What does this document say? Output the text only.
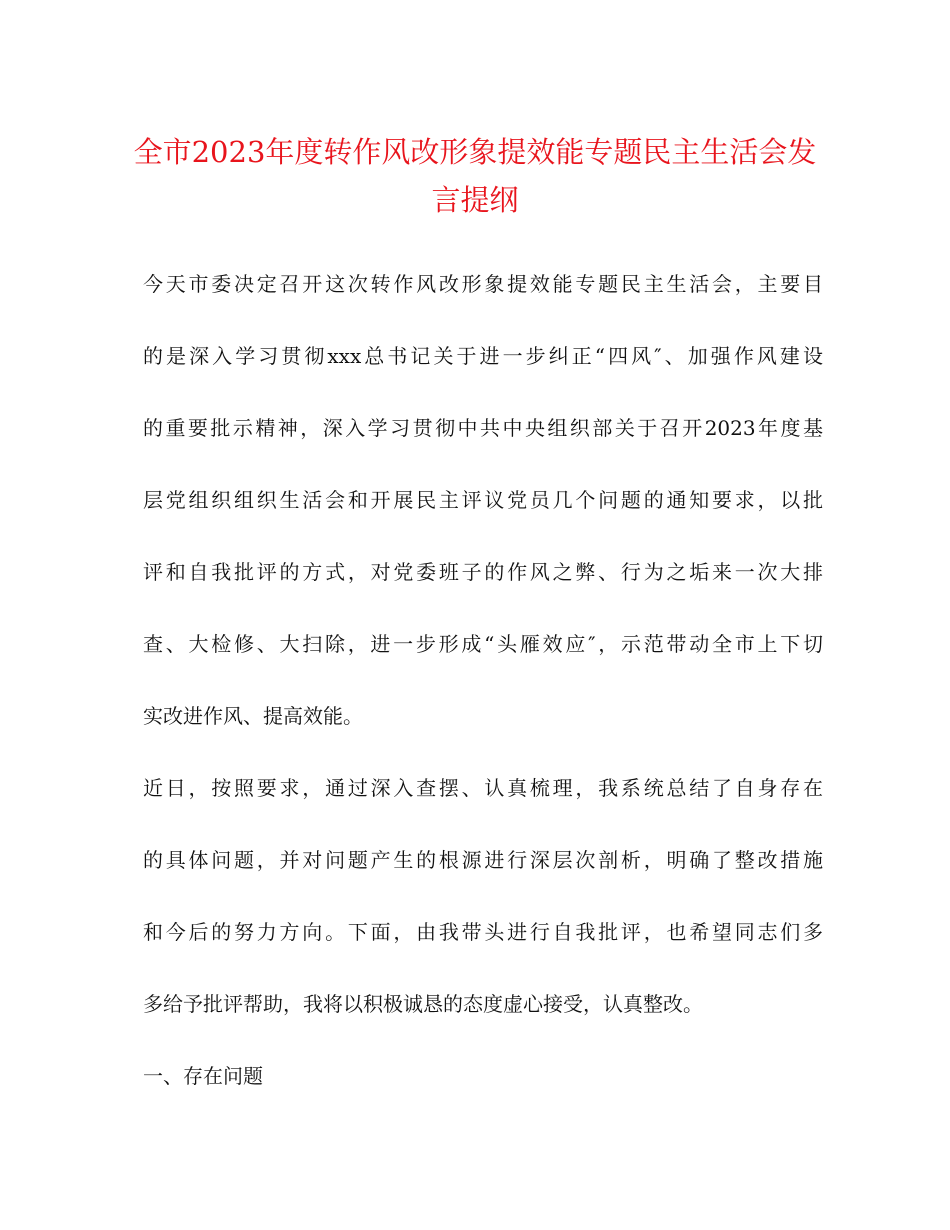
全市2023年度转作风改形象提效能专题民主生活会发
言提纲

今天市委决定召开这次转作风改形象提效能专题民主生活会，主要目

的是深入学习贯彻xxx总书记关于进一步纠正“四风″、加强作风建设

的重要批示精神，深入学习贯彻中共中央组织部关于召开2023年度基

层党组织组织生活会和开展民主评议党员几个问题的通知要求，以批

评和自我批评的方式，对党委班子的作风之弊、行为之垢来一次大排

查、大检修、大扫除，进一步形成“头雁效应″，示范带动全市上下切

实改进作风、提高效能。

近日，按照要求，通过深入查摆、认真梳理，我系统总结了自身存在

的具体问题，并对问题产生的根源进行深层次剖析，明确了整改措施

和今后的努力方向。下面，由我带头进行自我批评，也希望同志们多

多给予批评帮助，我将以积极诚恳的态度虚心接受，认真整改。

一、存在问题
